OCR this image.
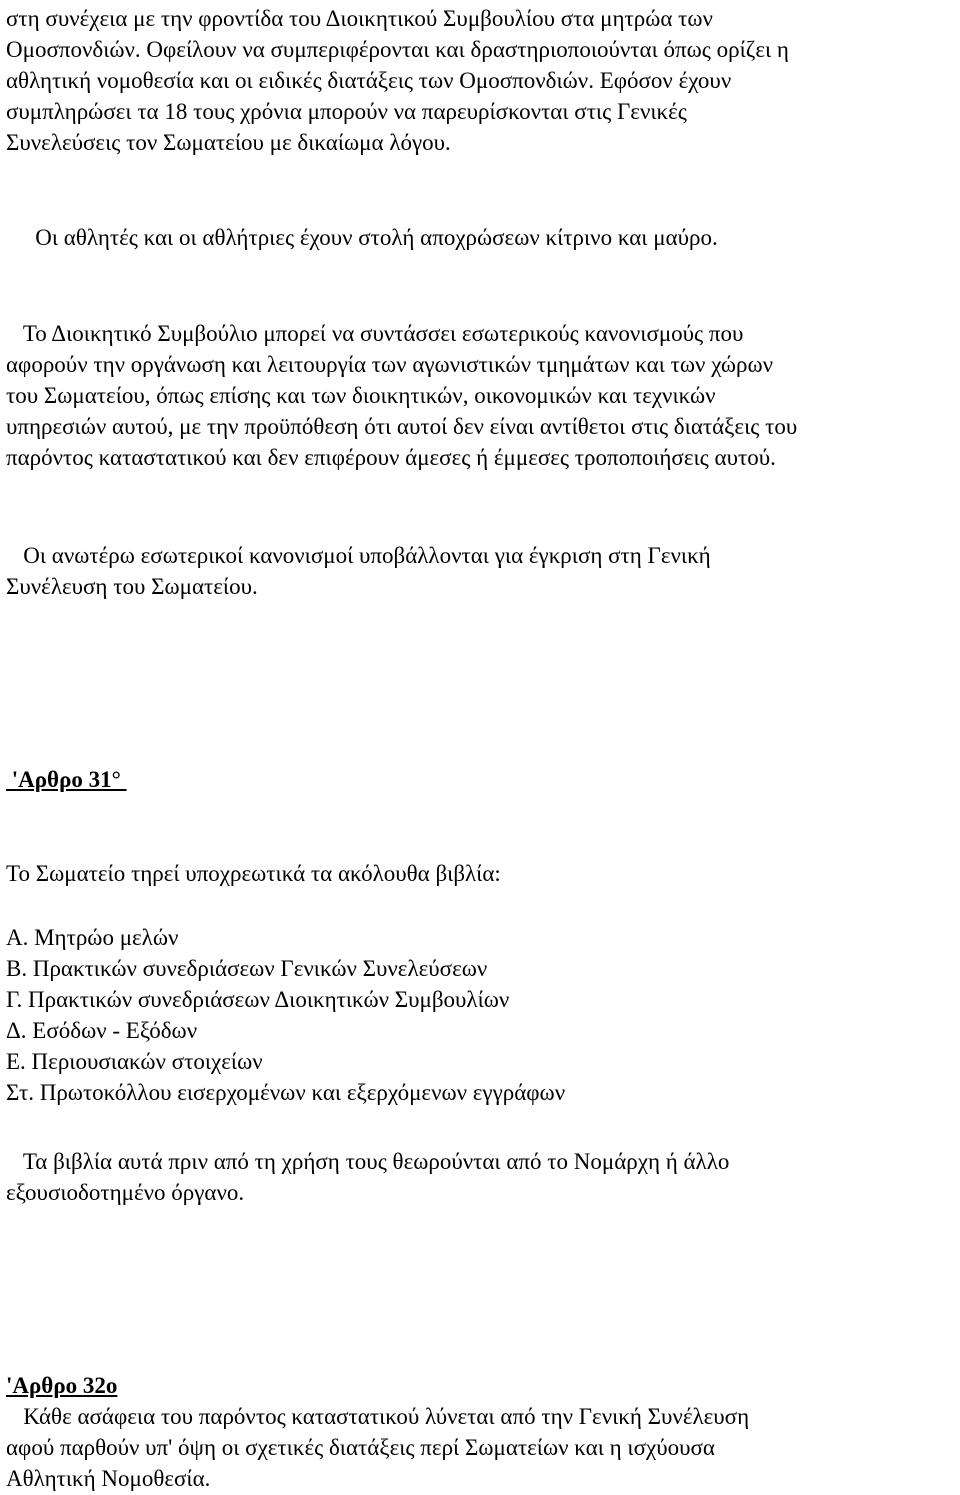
στη συνέχεια με την φροντίδα του Διοικητικού Συμβουλίου στα μητρώα των
Ομοσπονδιών. Οφείλουν να συμπεριφέρονται και δραστηριοποιούνται όπως ορίζει η
αθλητική νομοθεσία και οι ειδικές διατάξεις των Ομοσπονδιών. Εφόσον έχουν
συμπληρώσει τα 18 τους χρόνια μπορούν να παρευρίσκονται στις Γενικές
Συνελεύσεις τον Σωματείου με δικαίωμα λόγου.
Οι αθλητές και οι αθλήτριες έχουν στολή αποχρώσεων κίτρινο και μαύρο.
Το Διοικητικό Συμβούλιο μπορεί να συντάσσει εσωτερικούς κανονισμούς που
αφορούν την οργάνωση και λειτουργία των αγωνιστικών τμημάτων και των χώρων
του Σωματείου, όπως επίσης και των διοικητικών, οικονομικών και τεχνικών
υπηρεσιών αυτού, με την προϋπόθεση ότι αυτοί δεν είναι αντίθετοι στις διατάξεις του
παρόντος καταστατικού και δεν επιφέρουν άμεσες ή έμμεσες τροποποιήσεις αυτού.
Οι ανωτέρω εσωτερικοί κανονισμοί υποβάλλονται για έγκριση στη Γενική
Συνέλευση του Σωματείου.
'Αρθρο 31°
Το Σωματείο τηρεί υποχρεωτικά τα ακόλουθα βιβλία:
Α. Μητρώο μελών
Β. Πρακτικών συνεδριάσεων Γενικών Συνελεύσεων
Γ. Πρακτικών συνεδριάσεων Διοικητικών Συμβουλίων
Δ. Εσόδων - Εξόδων
Ε. Περιουσιακών στοιχείων
Στ. Πρωτοκόλλου εισερχομένων και εξερχόμενων εγγράφων
Τα βιβλία αυτά πριν από τη χρήση τους θεωρούνται από το Νομάρχη ή άλλο
εξουσιοδοτημένο όργανο.
'Αρθρο 32ο
Κάθε ασάφεια του παρόντος καταστατικού λύνεται από την Γενική Συνέλευση
αφού παρθούν υπ' όψη οι σχετικές διατάξεις περί Σωματείων και η ισχύουσα
Αθλητική Νομοθεσία.
